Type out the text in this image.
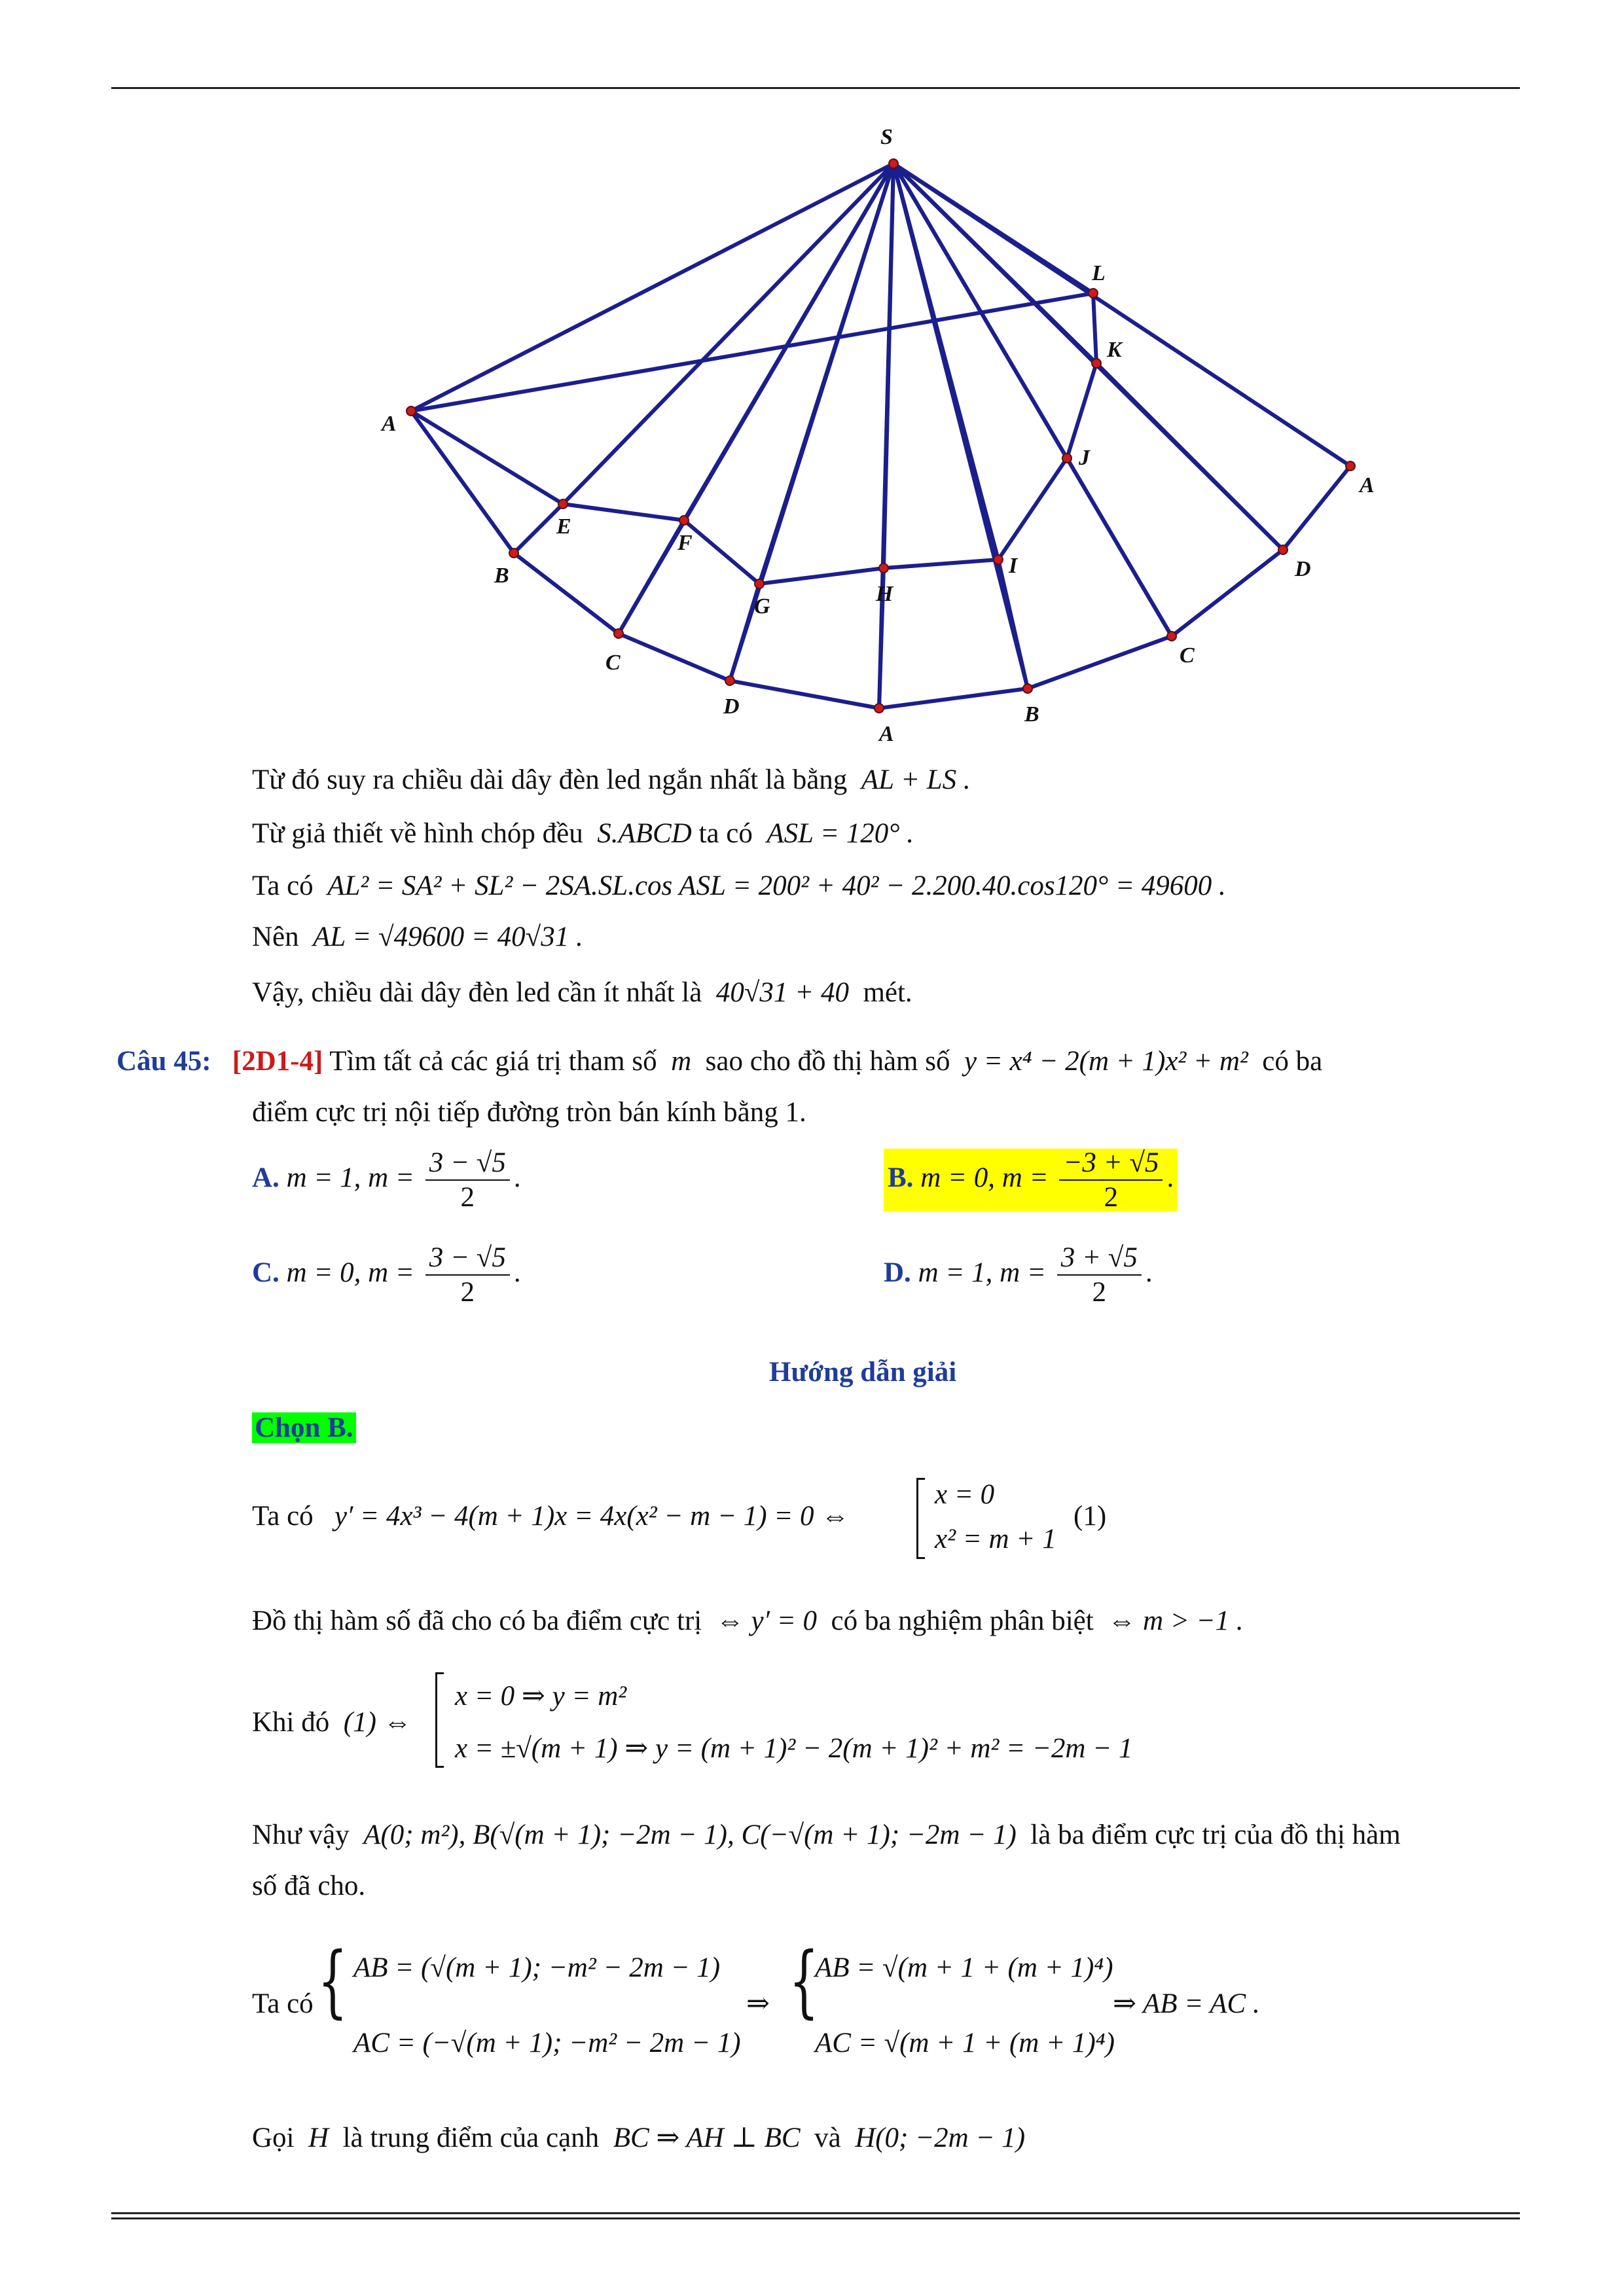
S
L
K
A
A
J
E
F
B	I	D
G
H
C	C
D
A
B
Từ đó suy ra chiều dài dây đèn led ngắn nhất là bằng AL + LS .
Từ giả thiết về hình chóp đều S.ABCD ta có ASL = 120° .
Ta có AL² = SA² + SL² − 2SA.SL.cos ASL = 200² + 40² − 2.200.40.cos120° = 49600 .
Nên AL = √49600 = 40√31 .
Vậy, chiều dài dây đèn led cần ít nhất là 40√31 + 40 mét.
Câu 45: [2D1-4] Tìm tất cả các giá trị tham số m sao cho đồ thị hàm số y = x⁴ − 2(m + 1)x² + m² có ba
điểm cực trị nội tiếp đường tròn bán kính bằng 1.
A. m = 1, $m = \frac{3 - √5}{2}$ .	B. m = 0, $m = \frac{-3 + √5}{2}$ .
C. m = 0, $m = \frac{3 - √5}{2}$ .	D. m = 1, $m = \frac{3 + √5}{2}$ .
Hướng dẫn giải
Chọn B.
Ta có y′ = 4x³ − 4(m + 1)x = 4x(x² − m − 1) = 0 ⇔
x = 0
x² = m + 1
(1)
Đồ thị hàm số đã cho có ba điểm cực trị ⇔ y′ = 0 có ba nghiệm phân biệt ⇔ m > −1 .
Khi đó (1) ⇔
x = 0 ⇒ y = m²
x = ±√(m + 1) ⇒ y = (m + 1)² − 2(m + 1)² + m² = −2m − 1
Như vậy A(0; m²), B(√(m + 1); −2m − 1), C(−√(m + 1); −2m − 1) là ba điểm cực trị của đồ thị hàm
số đã cho.
Ta có { AB = (√(m + 1); −m² − 2m − 1)
AC = (−√(m + 1); −m² − 2m − 1)
⇒ {
AB = √(m + 1 + (m + 1)⁴)
AC = √(m + 1 + (m + 1)⁴)
⇒ AB = AC .
Gọi H là trung điểm của cạnh BC ⇒ AH ⊥ BC và H(0; −2m − 1)
